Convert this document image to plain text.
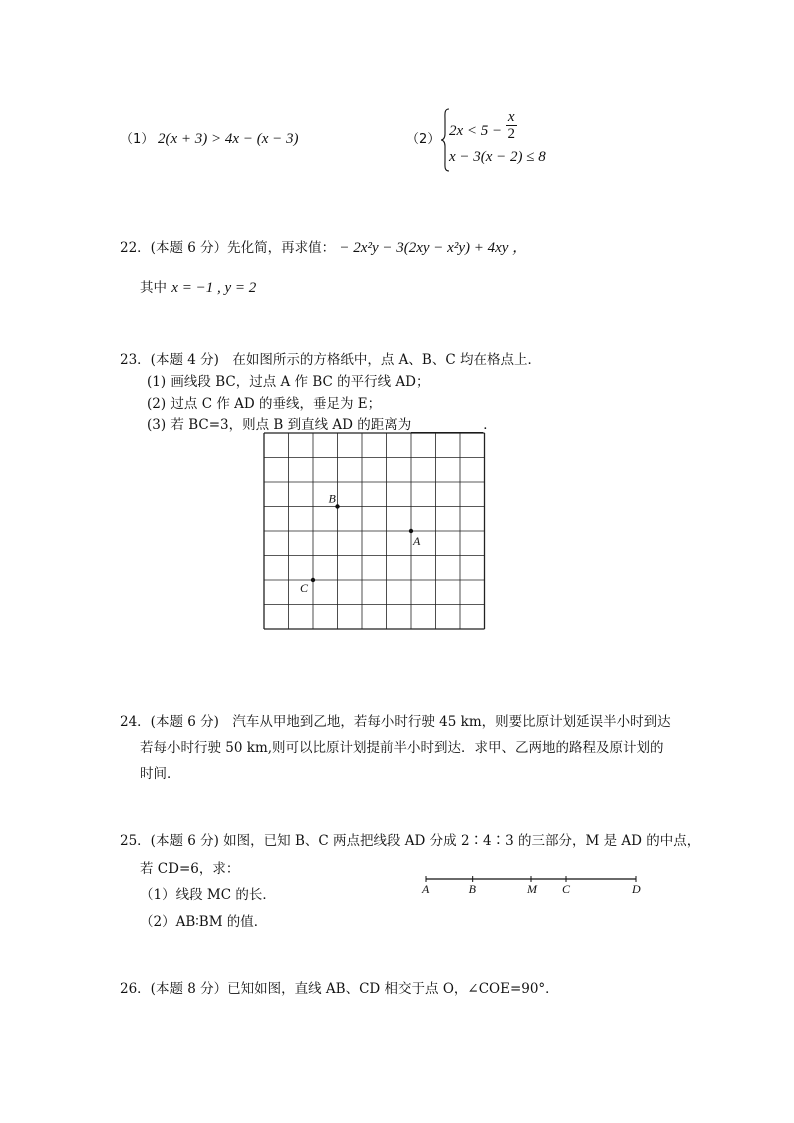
（1） 2(x + 3) > 4x − (x − 3)	（2）
$2x < 5 - \frac{x}{2}$
x − 3(x − 2) ≤ 8
22．(本题 6 分）先化简，再求值： − 2x²y − 3(2xy − x²y) + 4xy ，
其中 x = −1 , y = 2
23．(本题 4 分)　在如图所示的方格纸中，点 A、B、C 均在格点上．
(1) 画线段 BC，过点 A 作 BC 的平行线 AD；
(2) 过点 C 作 AD 的垂线，垂足为 E；
(3) 若 BC=3，则点 B 到直线 AD 的距离为	．
B
A
C
24．(本题 6 分)　汽车从甲地到乙地，若每小时行驶 45 km，则要比原计划延误半小时到达
若每小时行驶 50 km,则可以比原计划提前半小时到达．求甲、乙两地的路程及原计划的
时间．
25．(本题 6 分) 如图，已知 B、C 两点把线段 AD 分成 2∶4∶3 的三部分，M 是 AD 的中点，
若 CD=6，求：
（1）线段 MC 的长．
（2）AB∶BM 的值．
A	B	M C	D
26．(本题 8 分）已知如图，直线 AB、CD 相交于点 O，∠COE=90°．
